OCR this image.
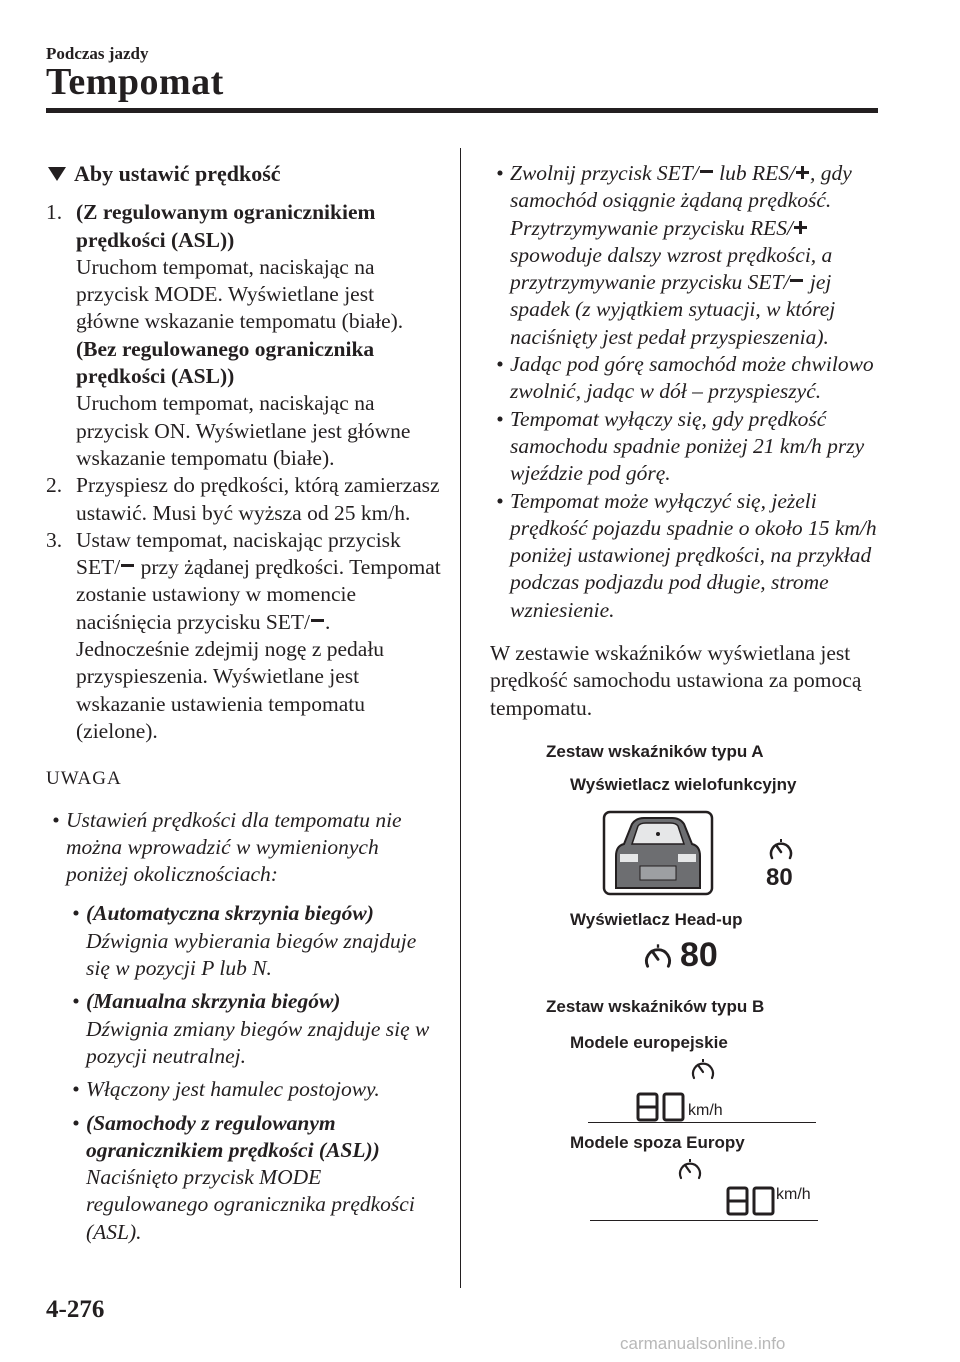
Podczas jazdy
Tempomat
Aby ustawić prędkość
1. (Z regulowanym ogranicznikiem
prędkości (ASL))
Uruchom tempomat, naciskając na przycisk MODE. Wyświetlane jest główne wskazanie tempomatu (białe).
(Bez regulowanego ogranicznika
prędkości (ASL))
Uruchom tempomat, naciskając na przycisk ON. Wyświetlane jest główne wskazanie tempomatu (białe).
2. Przyspiesz do prędkości, którą zamierzasz ustawić. Musi być wyższa od 25 km/h.
3. Ustaw tempomat, naciskając przycisk SET/ przy żądanej prędkości. Tempomat zostanie ustawiony w momencie naciśnięcia przycisku SET/ . Jednocześnie zdejmij nogę z pedału przyspieszenia. Wyświetlane jest wskazanie ustawienia tempomatu (zielone).
UWAGA
• Ustawień prędkości dla tempomatu nie można wprowadzić w wymienionych poniżej okolicznościach:
• (Automatyczna skrzynia biegów)
Dźwignia wybierania biegów znajduje się w pozycji P lub N.
• (Manualna skrzynia biegów)
Dźwignia zmiany biegów znajduje się w pozycji neutralnej.
• Włączony jest hamulec postojowy.
• (Samochody z regulowanym ogranicznikiem prędkości (ASL))
Naciśnięto przycisk MODE regulowanego ogranicznika prędkości (ASL).
• Zwolnij przycisk SET/ lub RES/ , gdy samochód osiągnie żądaną prędkość. Przytrzymywanie przycisku RES/ spowoduje dalszy wzrost prędkości, a przytrzymywanie przycisku SET/ jej spadek (z wyjątkiem sytuacji, w której naciśnięty jest pedał przyspieszenia).
• Jadąc pod górę samochód może chwilowo zwolnić, jadąc w dół – przyspieszyć.
• Tempomat wyłączy się, gdy prędkość samochodu spadnie poniżej 21 km/h przy wjeździe pod górę.
• Tempomat może wyłączyć się, jeżeli prędkość pojazdu spadnie o około 15 km/h poniżej ustawionej prędkości, na przykład podczas podjazdu pod długie, strome wzniesienie.
W zestawie wskaźników wyświetlana jest prędkość samochodu ustawiona za pomocą tempomatu.
Zestaw wskaźników typu A
Wyświetlacz wielofunkcyjny
80
Wyświetlacz Head-up
80
Zestaw wskaźników typu B
Modele europejskie
km/h
Modele spoza Europy
km/h
4-276
carmanualsonline.info
